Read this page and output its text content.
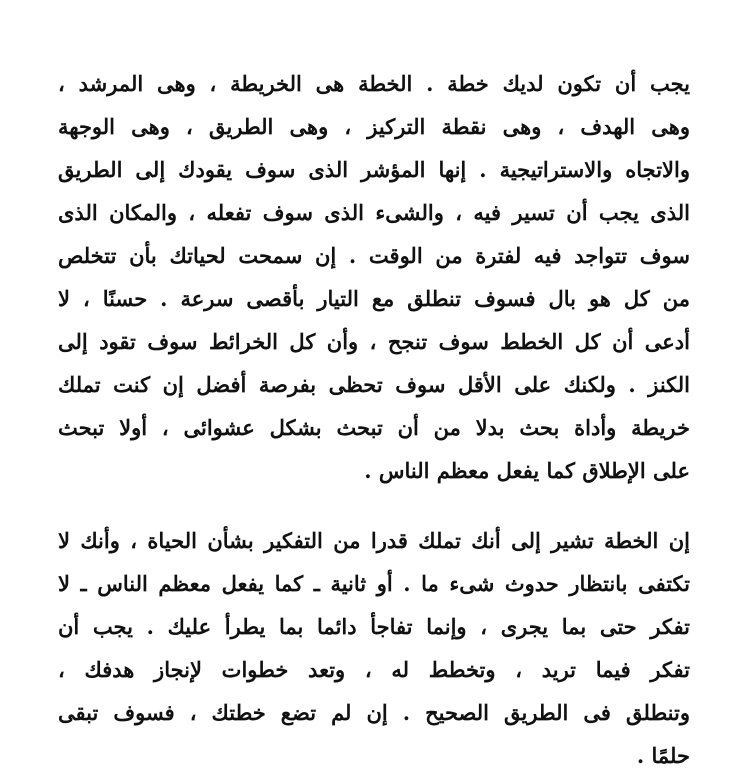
يجب أن تكون لديك خطة . الخطة هى الخريطة ، وهى المرشد ،
وهى الهدف ، وهى نقطة التركيز ، وهى الطريق ، وهى الوجهة
والاتجاه والاستراتيجية . إنها المؤشر الذى سوف يقودك إلى الطريق
الذى يجب أن تسير فيه ، والشىء الذى سوف تفعله ، والمكان الذى
سوف تتواجد فيه لفترة من الوقت . إن سمحت لحياتك بأن تتخلص
من كل هو بال فسوف تنطلق مع التيار بأقصى سرعة . حسنًا ، لا
أدعى أن كل الخطط سوف تنجح ، وأن كل الخرائط سوف تقود إلى
الكنز . ولكنك على الأقل سوف تحظى بفرصة أفضل إن كنت تملك
خريطة وأداة بحث بدلا من أن تبحث بشكل عشوائى ، أولا تبحث
على الإطلاق كما يفعل معظم الناس .
إن الخطة تشير إلى أنك تملك قدرا من التفكير بشأن الحياة ، وأنك لا
تكتفى بانتظار حدوث شىء ما . أو ثانية ـ كما يفعل معظم الناس ـ لا
تفكر حتى بما يجرى ، وإنما تفاجأ دائما بما يطرأ عليك . يجب أن
تفكر فيما تريد ، وتخطط له ، وتعد خطوات لإنجاز هدفك ،
وتنطلق فى الطريق الصحيح . إن لم تضع خطتك ، فسوف تبقى
حلمًا .
